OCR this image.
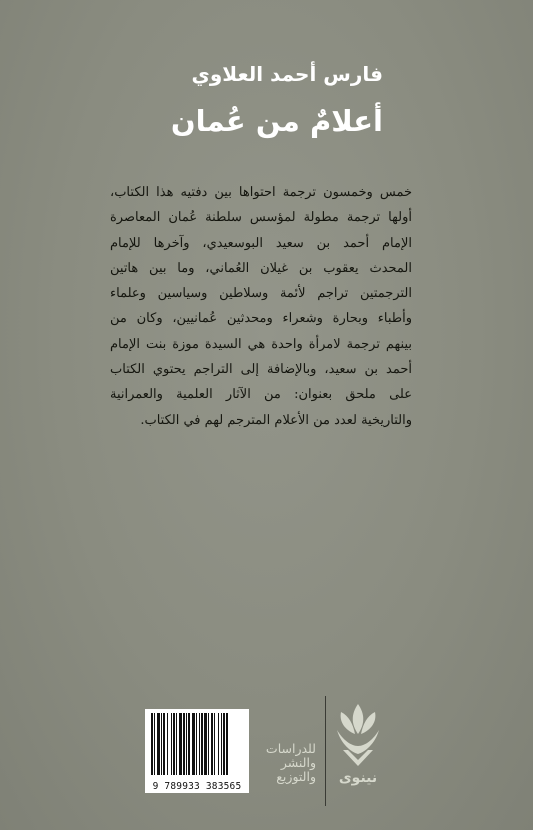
فارس أحمد العلاوي
أعلامٌ من عُمان

خمس وخمسون ترجمة احتواها بين دفتيه هذا الكتاب،
أولها ترجمة مطولة لمؤسس سلطنة عُمان المعاصرة
الإمام أحمد بن سعيد البوسعيدي، وآخرها للإمام
المحدث يعقوب بن غيلان العُماني، وما بين هاتين
الترجمتين تراجم لأئمة وسلاطين وسياسين وعلماء
وأطباء وبحارة وشعراء ومحدثين عُمانيين، وكان من
بينهم ترجمة لامرأة واحدة هي السيدة موزة بنت الإمام
أحمد بن سعيد، وبالإضافة إلى التراجم يحتوي الكتاب
على ملحق بعنوان: من الآثار العلمية والعمرانية
والتاريخية لعدد من الأعلام المترجم لهم في الكتاب.

9 789933 383565
للدراسات
والنشر
والتوزيع	نينوى
